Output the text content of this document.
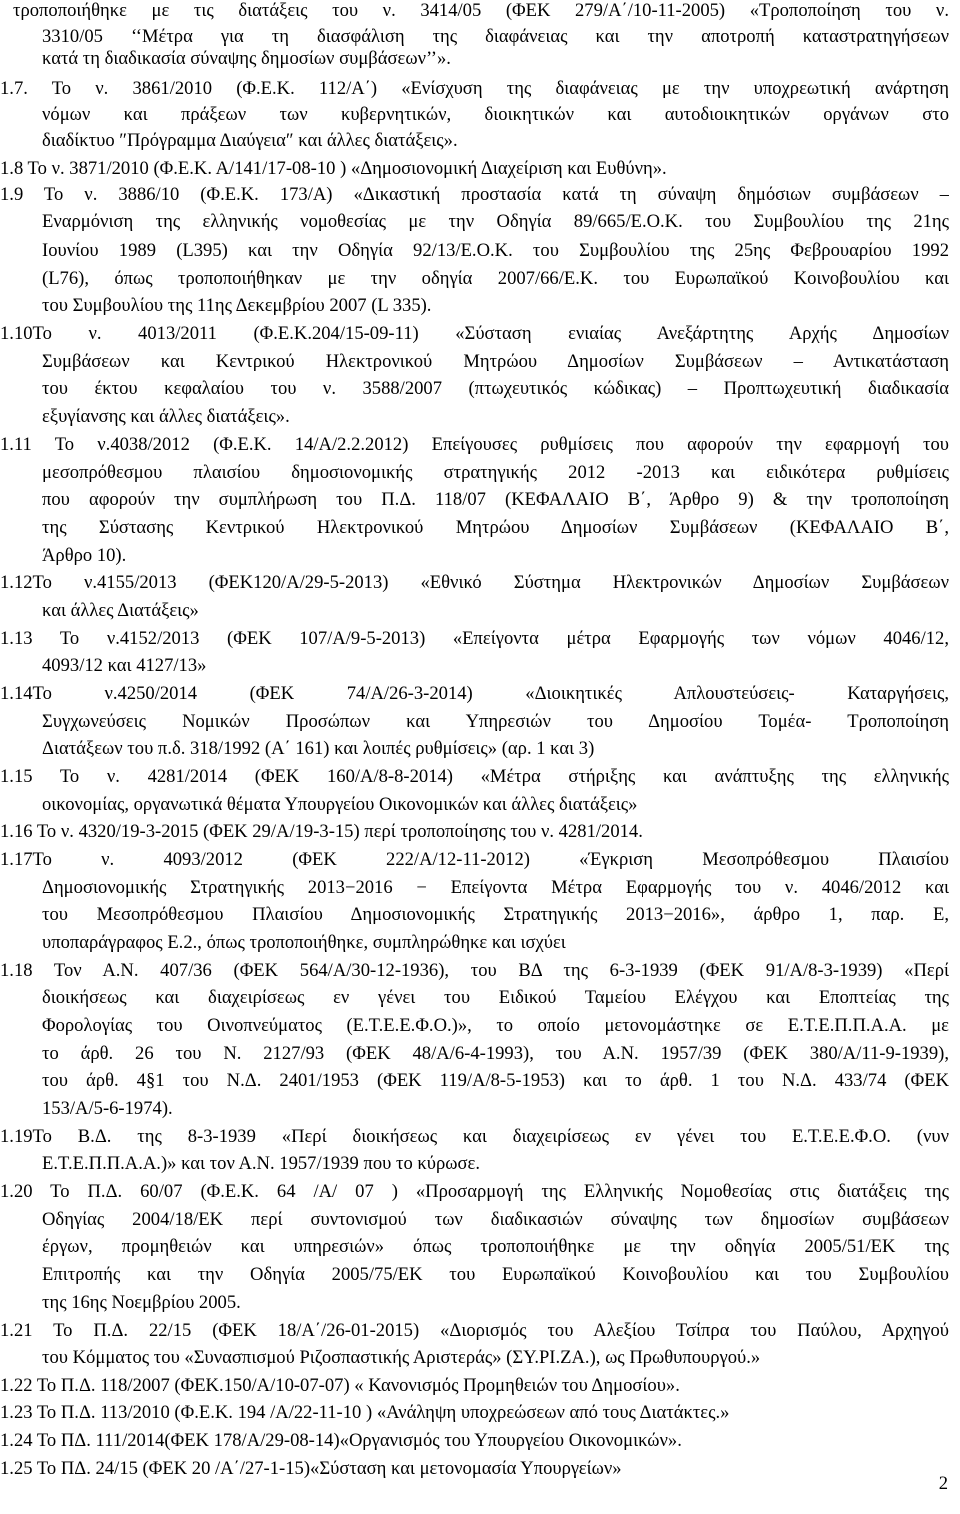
τροποποιήθηκε με τις διατάξεις του ν. 3414/05 (ΦΕΚ 279/Α΄/10-11-2005) «Τροποποίηση του ν.
3310/05 ‘‘Μέτρα για τη διασφάλιση της διαφάνειας και την αποτροπή καταστρατηγήσεων
κατά τη διαδικασία σύναψης δημοσίων συμβάσεων’’».
1.7. Το ν. 3861/2010 (Φ.Ε.Κ. 112/Α΄) «Ενίσχυση της διαφάνειας με την υποχρεωτική ανάρτηση
νόμων και πράξεων των κυβερνητικών, διοικητικών και αυτοδιοικητικών οργάνων στο
διαδίκτυο ″Πρόγραμμα Διαύγεια″ και άλλες διατάξεις».
1.8 Το ν. 3871/2010 (Φ.Ε.Κ. Α/141/17-08-10 ) «Δημοσιονομική Διαχείριση και Ευθύνη».
1.9 Το ν. 3886/10 (Φ.Ε.Κ. 173/Α) «Δικαστική προστασία κατά τη σύναψη δημόσιων συμβάσεων –
Εναρμόνιση της ελληνικής νομοθεσίας με την Οδηγία 89/665/Ε.Ο.Κ. του Συμβουλίου της 21ης
Ιουνίου 1989 (L395) και την Οδηγία 92/13/Ε.Ο.Κ. του Συμβουλίου της 25ης Φεβρουαρίου 1992
(L76), όπως τροποποιήθηκαν με την οδηγία 2007/66/Ε.Κ. του Ευρωπαϊκού Κοινοβουλίου και
του Συμβουλίου της 11ης Δεκεμβρίου 2007 (L 335).
1.10Το ν. 4013/2011 (Φ.Ε.Κ.204/15-09-11) «Σύσταση ενιαίας Ανεξάρτητης Αρχής Δημοσίων
Συμβάσεων και Κεντρικού Ηλεκτρονικού Μητρώου Δημοσίων Συμβάσεων – Αντικατάσταση
του έκτου κεφαλαίου του ν. 3588/2007 (πτωχευτικός κώδικας) – Προπτωχευτική διαδικασία
εξυγίανσης και άλλες διατάξεις».
1.11 Το ν.4038/2012 (Φ.Ε.Κ. 14/Α/2.2.2012) Επείγουσες ρυθμίσεις που αφορούν την εφαρμογή του
μεσοπρόθεσμου πλαισίου δημοσιονομικής στρατηγικής 2012 -2013 και ειδικότερα ρυθμίσεις
που αφορούν την συμπλήρωση του Π.Δ. 118/07 (ΚΕΦΑΛΑΙΟ Β΄, Άρθρο 9) & την τροποποίηση
της Σύστασης Κεντρικού Ηλεκτρονικού Μητρώου Δημοσίων Συμβάσεων (ΚΕΦΑΛΑΙΟ Β΄,
Άρθρο 10).
1.12Το ν.4155/2013 (ΦΕΚ120/Α/29-5-2013) «Εθνικό Σύστημα Ηλεκτρονικών Δημοσίων Συμβάσεων
και άλλες Διατάξεις»
1.13 Το ν.4152/2013 (ΦΕΚ 107/Α/9-5-2013) «Επείγοντα μέτρα Εφαρμογής των νόμων 4046/12,
4093/12 και 4127/13»
1.14Το ν.4250/2014 (ΦΕΚ 74/Α/26-3-2014) «Διοικητικές Απλουστεύσεις- Καταργήσεις,
Συγχωνεύσεις Νομικών Προσώπων και Υπηρεσιών του Δημοσίου Τομέα- Τροποποίηση
Διατάξεων του π.δ. 318/1992 (Α΄ 161) και λοιπές ρυθμίσεις» (αρ. 1 και 3)
1.15 Το ν. 4281/2014 (ΦΕΚ 160/Α/8-8-2014) «Μέτρα στήριξης και ανάπτυξης της ελληνικής
οικονομίας, οργανωτικά θέματα Υπουργείου Οικονομικών και άλλες διατάξεις»
1.16 Το ν. 4320/19-3-2015 (ΦΕΚ 29/Α/19-3-15) περί τροποποίησης του ν. 4281/2014.
1.17Το ν. 4093/2012 (ΦΕΚ 222/Α/12-11-2012) «Έγκριση Μεσοπρόθεσμου Πλαισίου
Δημοσιονομικής Στρατηγικής 2013−2016 − Επείγοντα Μέτρα Εφαρμογής του ν. 4046/2012 και
του Μεσοπρόθεσμου Πλαισίου Δημοσιονομικής Στρατηγικής 2013−2016», άρθρο 1, παρ. Ε,
υποπαράγραφος Ε.2., όπως τροποποιήθηκε, συμπληρώθηκε και ισχύει
1.18 Τον Α.Ν. 407/36 (ΦΕΚ 564/Α/30-12-1936), του ΒΔ της 6-3-1939 (ΦΕΚ 91/Α/8-3-1939) «Περί
διοικήσεως και διαχειρίσεως εν γένει του Ειδικού Ταμείου Ελέγχου και Εποπτείας της
Φορολογίας του Οινοπνεύματος (Ε.Τ.Ε.Ε.Φ.Ο.)», το οποίο μετονομάστηκε σε Ε.Τ.Ε.Π.Π.Α.Α. με
το άρθ. 26 του Ν. 2127/93 (ΦΕΚ 48/Α/6-4-1993), του Α.Ν. 1957/39 (ΦΕΚ 380/Α/11-9-1939),
του άρθ. 4§1 του Ν.Δ. 2401/1953 (ΦΕΚ 119/Α/8-5-1953) και το άρθ. 1 του Ν.Δ. 433/74 (ΦΕΚ
153/Α/5-6-1974).
1.19Το Β.Δ. της 8-3-1939 «Περί διοικήσεως και διαχειρίσεως εν γένει του Ε.Τ.Ε.Ε.Φ.Ο. (νυν
Ε.Τ.Ε.Π.Π.Α.Α.)» και τον Α.Ν. 1957/1939 που το κύρωσε.
1.20 Το Π.Δ. 60/07 (Φ.Ε.Κ. 64 /Α/ 07 ) «Προσαρμογή της Ελληνικής Νομοθεσίας στις διατάξεις της
Οδηγίας 2004/18/ΕΚ περί συντονισμού των διαδικασιών σύναψης των δημοσίων συμβάσεων
έργων, προμηθειών και υπηρεσιών» όπως τροποποιήθηκε με την οδηγία 2005/51/ΕΚ της
Επιτροπής και την Οδηγία 2005/75/ΕΚ του Ευρωπαϊκού Κοινοβουλίου και του Συμβουλίου
της 16ης Νοεμβρίου 2005.
1.21 Το Π.Δ. 22/15 (ΦΕΚ 18/Α΄/26-01-2015) «Διορισμός του Αλεξίου Τσίπρα του Παύλου, Αρχηγού
του Κόμματος του «Συνασπισμού Ριζοσπαστικής Αριστεράς» (ΣΥ.ΡΙ.ΖΑ.), ως Πρωθυπουργού.»
1.22 Το Π.Δ. 118/2007 (ΦΕΚ.150/Α/10-07-07) « Κανονισμός Προμηθειών του Δημοσίου».
1.23 Το Π.Δ. 113/2010 (Φ.Ε.Κ. 194 /Α/22-11-10 ) «Ανάληψη υποχρεώσεων από τους Διατάκτες.»
1.24 Το ΠΔ. 111/2014(ΦΕΚ 178/Α/29-08-14)«Οργανισμός του Υπουργείου Οικονομικών».
1.25 Το ΠΔ. 24/15 (ΦΕΚ 20 /Α΄/27-1-15)«Σύσταση και μετονομασία Υπουργείων»
2
